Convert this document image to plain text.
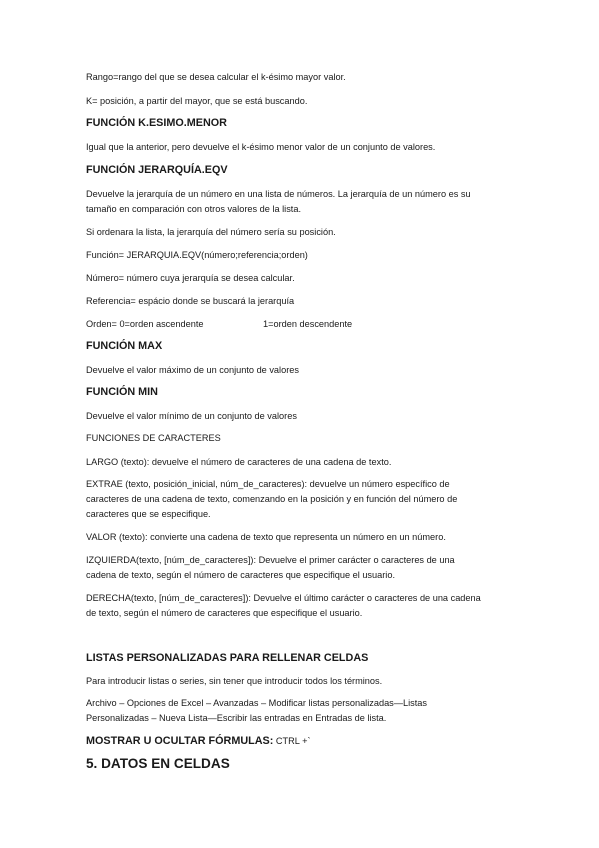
Rango=rango del que se desea calcular el k-ésimo mayor valor.
K= posición, a partir del mayor, que se está buscando.
FUNCIÓN K.ESIMO.MENOR
Igual que la anterior, pero devuelve el k-ésimo menor valor de un conjunto de valores.
FUNCIÓN JERARQUÍA.EQV
Devuelve la jerarquía de un número en una lista de números. La jerarquía de un número es su
tamaño en comparación con otros valores de la lista.
Si ordenara la lista, la jerarquía del número sería su posición.
Función= JERARQUIA.EQV(número;referencia;orden)
Número= número cuya jerarquía se desea calcular.
Referencia= espácio donde se buscará la jerarquía
Orden= 0=orden ascendente	1=orden descendente
FUNCIÓN MAX
Devuelve el valor máximo de un conjunto de valores
FUNCIÓN MIN
Devuelve el valor mínimo de un conjunto de valores
FUNCIONES DE CARACTERES
LARGO (texto): devuelve el número de caracteres de una cadena de texto.
EXTRAE (texto, posición_inicial, núm_de_caracteres): devuelve un número específico de
caracteres de una cadena de texto, comenzando en la posición y en función del número de
caracteres que se especifique.
VALOR (texto): convierte una cadena de texto que representa un número en un número.
IZQUIERDA(texto, [núm_de_caracteres]): Devuelve el primer carácter o caracteres de una
cadena de texto, según el número de caracteres que especifique el usuario.
DERECHA(texto, [núm_de_caracteres]): Devuelve el último carácter o caracteres de una cadena
de texto, según el número de caracteres que especifique el usuario.
LISTAS PERSONALIZADAS PARA RELLENAR CELDAS
Para introducir listas o series, sin tener que introducir todos los términos.
Archivo – Opciones de Excel – Avanzadas – Modificar listas personalizadas—Listas
Personalizadas – Nueva Lista—Escribir las entradas en Entradas de lista.
MOSTRAR U OCULTAR FÓRMULAS: CTRL +`
5. DATOS EN CELDAS
